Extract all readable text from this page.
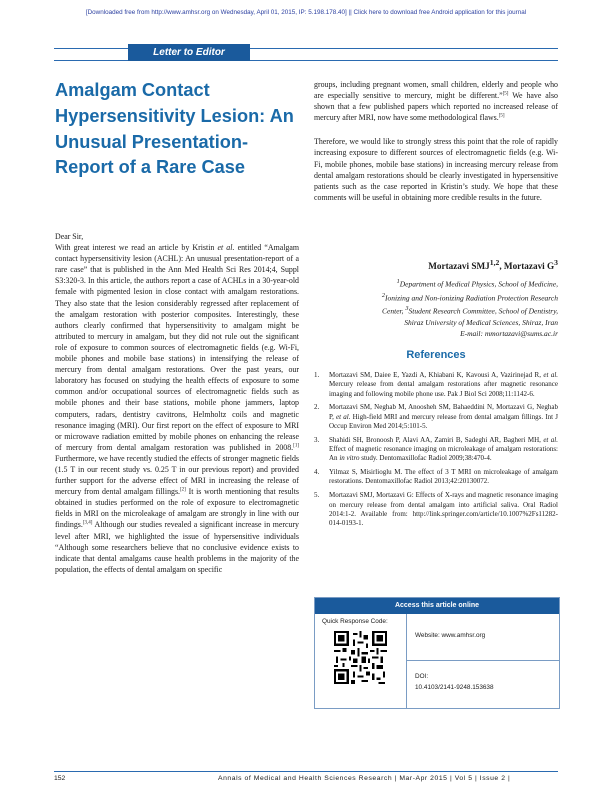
[Downloaded free from http://www.amhsr.org on Wednesday, April 01, 2015, IP: 5.198.178.40] || Click here to download free Android application for this journal
Letter to Editor
Amalgam Contact Hypersensitivity Lesion: An Unusual Presentation-Report of a Rare Case

Dear Sir,

With great interest we read an article by Kristin et al. entitled “Amalgam contact hypersensitivity lesion (ACHL): An unusual presentation-report of a rare case” that is published in the Ann Med Health Sci Res 2014;4, Suppl S3:320-3. In this article, the authors report a case of ACHLs in a 30-year-old female with pigmented lesion in close contact with amalgam restorations. They also state that the lesion considerably regressed after replacement of the amalgam restoration with posterior composites. Interestingly, these authors clearly confirmed that hypersensitivity to amalgam might be attributed to mercury in amalgam, but they did not rule out the significant role of exposure to common sources of electromagnetic fields (e.g. Wi-Fi, mobile phones and mobile base stations) in intensifying the release of mercury from dental amalgam restorations. Over the past years, our laboratory has focused on studying the health effects of exposure to some common and/or occupational sources of electromagnetic fields such as mobile phones and their base stations, mobile phone jammers, laptop computers, radars, dentistry cavitrons, Helmholtz coils and magnetic resonance imaging (MRI). Our first report on the effect of exposure to MRI or microwave radiation emitted by mobile phones on enhancing the release of mercury from dental amalgam restoration was published in 2008.[1] Furthermore, we have recently studied the effects of stronger magnetic fields (1.5 T in our recent study vs. 0.25 T in our previous report) and provided further support for the adverse effect of MRI in increasing the release of mercury from dental amalgam fillings.[2] It is worth mentioning that results obtained in studies performed on the role of exposure to electromagnetic fields in MRI on the microleakage of amalgam are strongly in line with our findings.[3,4] Although our studies revealed a significant increase in mercury level after MRI, we highlighted the issue of hypersensitive individuals “Although some researchers believe that no conclusive evidence exists to indicate that dental amalgams cause health problems in the majority of the population, the effects of dental amalgam on specific

groups, including pregnant women, small children, elderly and people who are especially sensitive to mercury, might be different.”[5] We have also shown that a few published papers which reported no increased release of mercury after MRI, now have some methodological flaws.[5]

Therefore, we would like to strongly stress this point that the role of rapidly increasing exposure to different sources of electromagnetic fields (e.g. Wi-Fi, mobile phones, mobile base stations) in increasing mercury release from dental amalgam restorations should be clearly investigated in hypersensitive patients such as the case reported in Kristin’s study. We hope that these comments will be useful in obtaining more credible results in the future.

Mortazavi SMJ$^{1,2}$, Mortazavi $G^3$
$^1$Department of Medical Physics, School of Medicine,
$^2$Ionizing and Non-ionizing Radiation Protection Research
Center, $^3$Student Research Committee, School of Dentistry,
Shiraz University of Medical Sciences, Shiraz, Iran
E-mail: mmortazavi@sums.ac.ir
References
1.	Mortazavi SM, Daiee E, Yazdi A, Khiabani K, Kavousi A, Vazirinejad R, et al. Mercury release from dental amalgam restorations after magnetic resonance imaging and following mobile phone use. Pak J Biol Sci 2008;11:1142-6.
2.	Mortazavi SM, Neghab M, Anoosheh SM, Bahaeddini N, Mortazavi G, Neghab P, et al. High-field MRI and mercury release from dental amalgam fillings. Int J Occup Environ Med 2014;5:101-5.
3.	Shahidi SH, Bronoosh P, Alavi AA, Zamiri B, Sadeghi AR, Bagheri MH, et al. Effect of magnetic resonance imaging on microleakage of amalgam restorations: An in vitro study. Dentomaxillofac Radiol 2009;38:470-4.
4.	Yilmaz S, Misirlioglu M. The effect of 3 T MRI on microleakage of amalgam restorations. Dentomaxillofac Radiol 2013;42:20130072.
5.	Mortazavi SMJ, Mortazavi G: Effects of X-rays and magnetic resonance imaging on mercury release from dental amalgam into artificial saliva. Oral Radiol 2014:1-2. Available from: http://link.springer.com/article/10.1007%2Fs11282-014-0193-1.
Access this article online
Quick Response Code:
Website: www.amhsr.org
DOI:
10.4103/2141-9248.153638
152	Annals of Medical and Health Sciences Research | Mar-Apr 2015 | Vol 5 | Issue 2 |
